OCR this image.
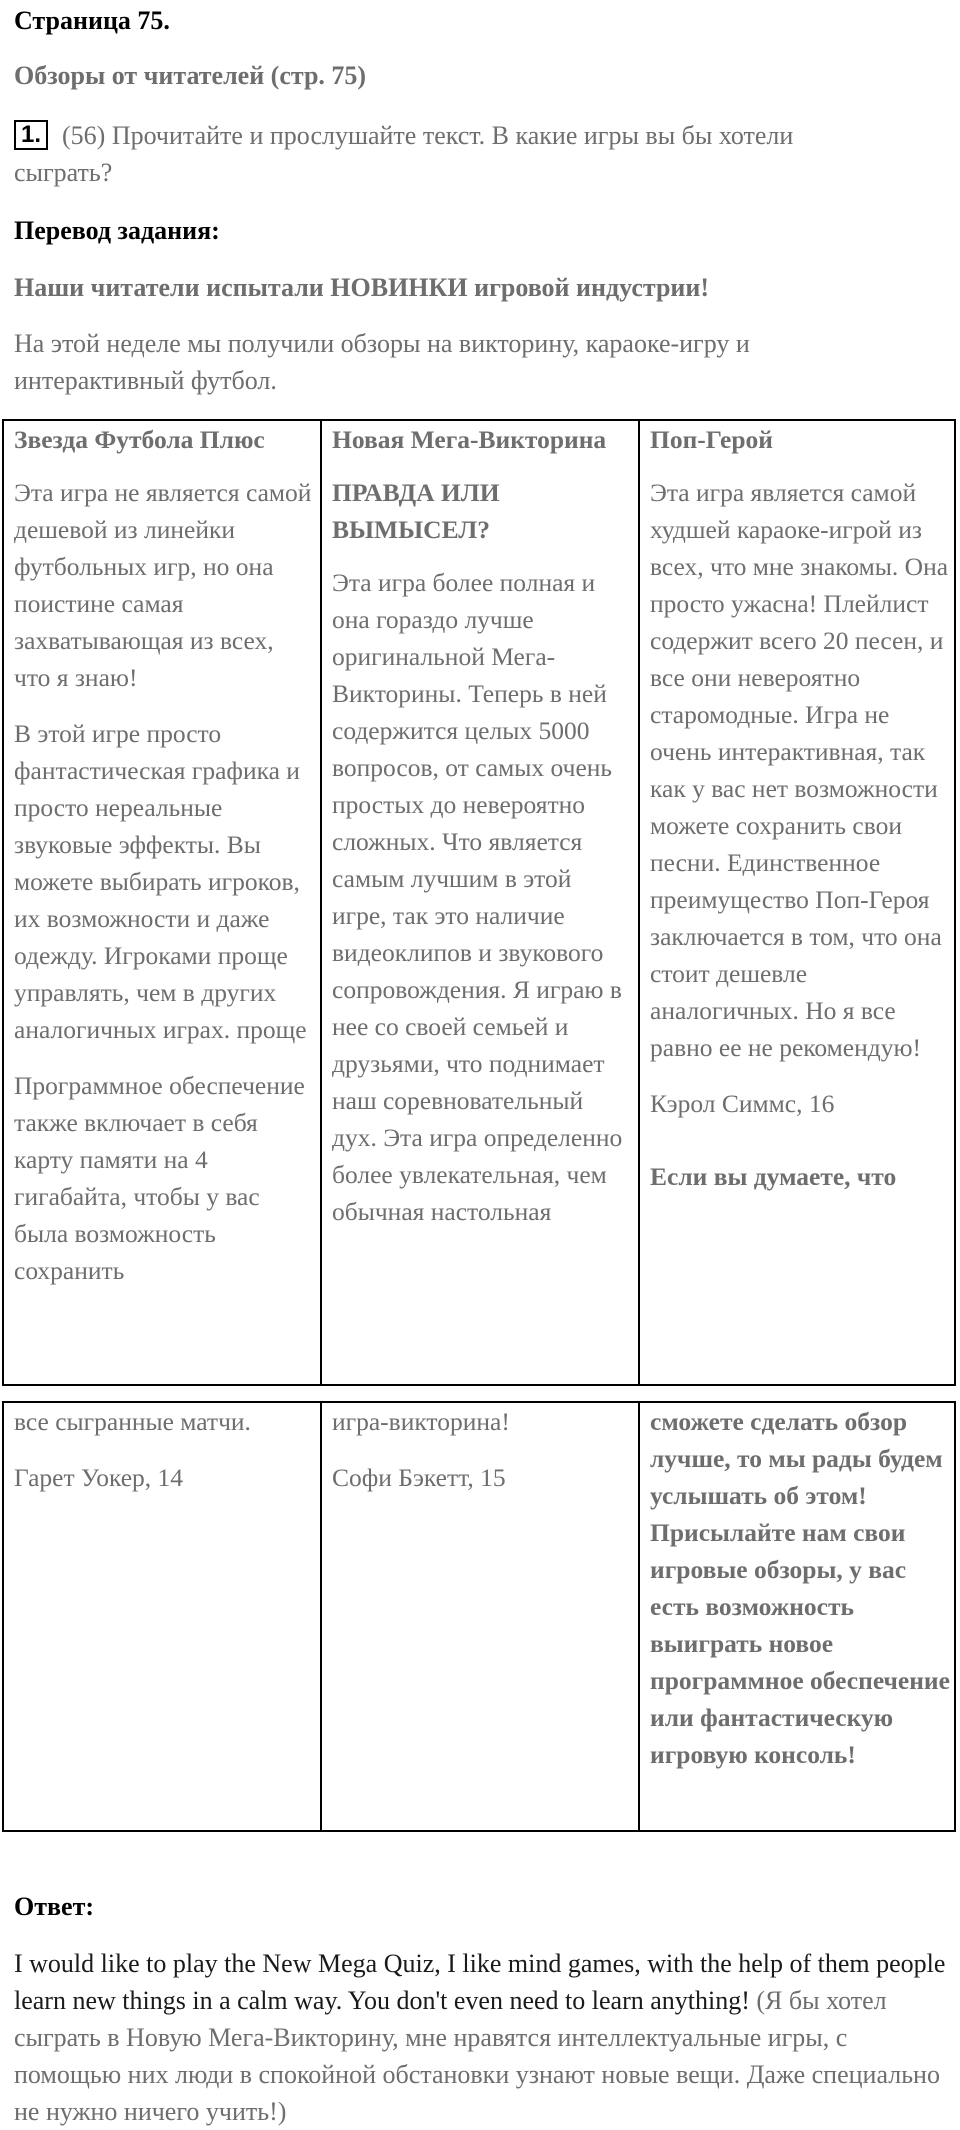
Страница 75.
Обзоры от читателей (стр. 75)
1. (56) Прочитайте и прослушайте текст. В какие игры вы бы хотели
сыграть?
Перевод задания:
Наши читатели испытали НОВИНКИ игровой индустрии!
На этой неделе мы получили обзоры на викторину, караоке-игру и
интерактивный футбол.

Звезда Футбола Плюс

Эта игра не является самой дешевой из линейки футбольных игр, но она поистине самая захватывающая из всех, что я знаю!

В этой игре просто фантастическая графика и просто нереальные звуковые эффекты. Вы можете выбирать игроков, их возможности и даже одежду. Игроками проще управлять, чем в других аналогичных играх. проще

Программное обеспечение также включает в себя карту памяти на 4 гигабайта, чтобы у вас была возможность сохранить

Новая Мега-Викторина

ПРАВДА ИЛИ ВЫМЫСЕЛ?

Эта игра более полная и она гораздо лучше оригинальной Мега-Викторины. Теперь в ней содержится целых 5000 вопросов, от самых очень простых до невероятно сложных. Что является самым лучшим в этой игре, так это наличие видеоклипов и звукового сопровождения. Я играю в нее со своей семьей и друзьями, что поднимает наш соревновательный дух. Эта игра определенно более увлекательная, чем обычная настольная

Поп-Герой

Эта игра является самой худшей караоке-игрой из всех, что мне знакомы. Она просто ужасна! Плейлист содержит всего 20 песен, и все они невероятно старомодные. Игра не очень интерактивная, так как у вас нет возможности можете сохранить свои песни. Единственное преимущество Поп-Героя заключается в том, что она стоит дешевле аналогичных. Но я все равно ее не рекомендую!

Кэрол Симмс, 16

Если вы думаете, что

все сыгранные матчи.

Гарет Уокер, 14

игра-викторина!

Софи Бэкетт, 15

сможете сделать обзор лучше, то мы рады будем услышать об этом! Присылайте нам свои игровые обзоры, у вас есть возможность выиграть новое программное обеспечение или фантастическую игровую консоль!

Ответ:
I would like to play the New Mega Quiz, I like mind games, with the help of them people learn new things in a calm way. You don't even need to learn anything! (Я бы хотел сыграть в Новую Мега-Викторину, мне нравятся интеллектуальные игры, с помощью них люди в спокойной обстановки узнают новые вещи. Даже специально не нужно ничего учить!)
